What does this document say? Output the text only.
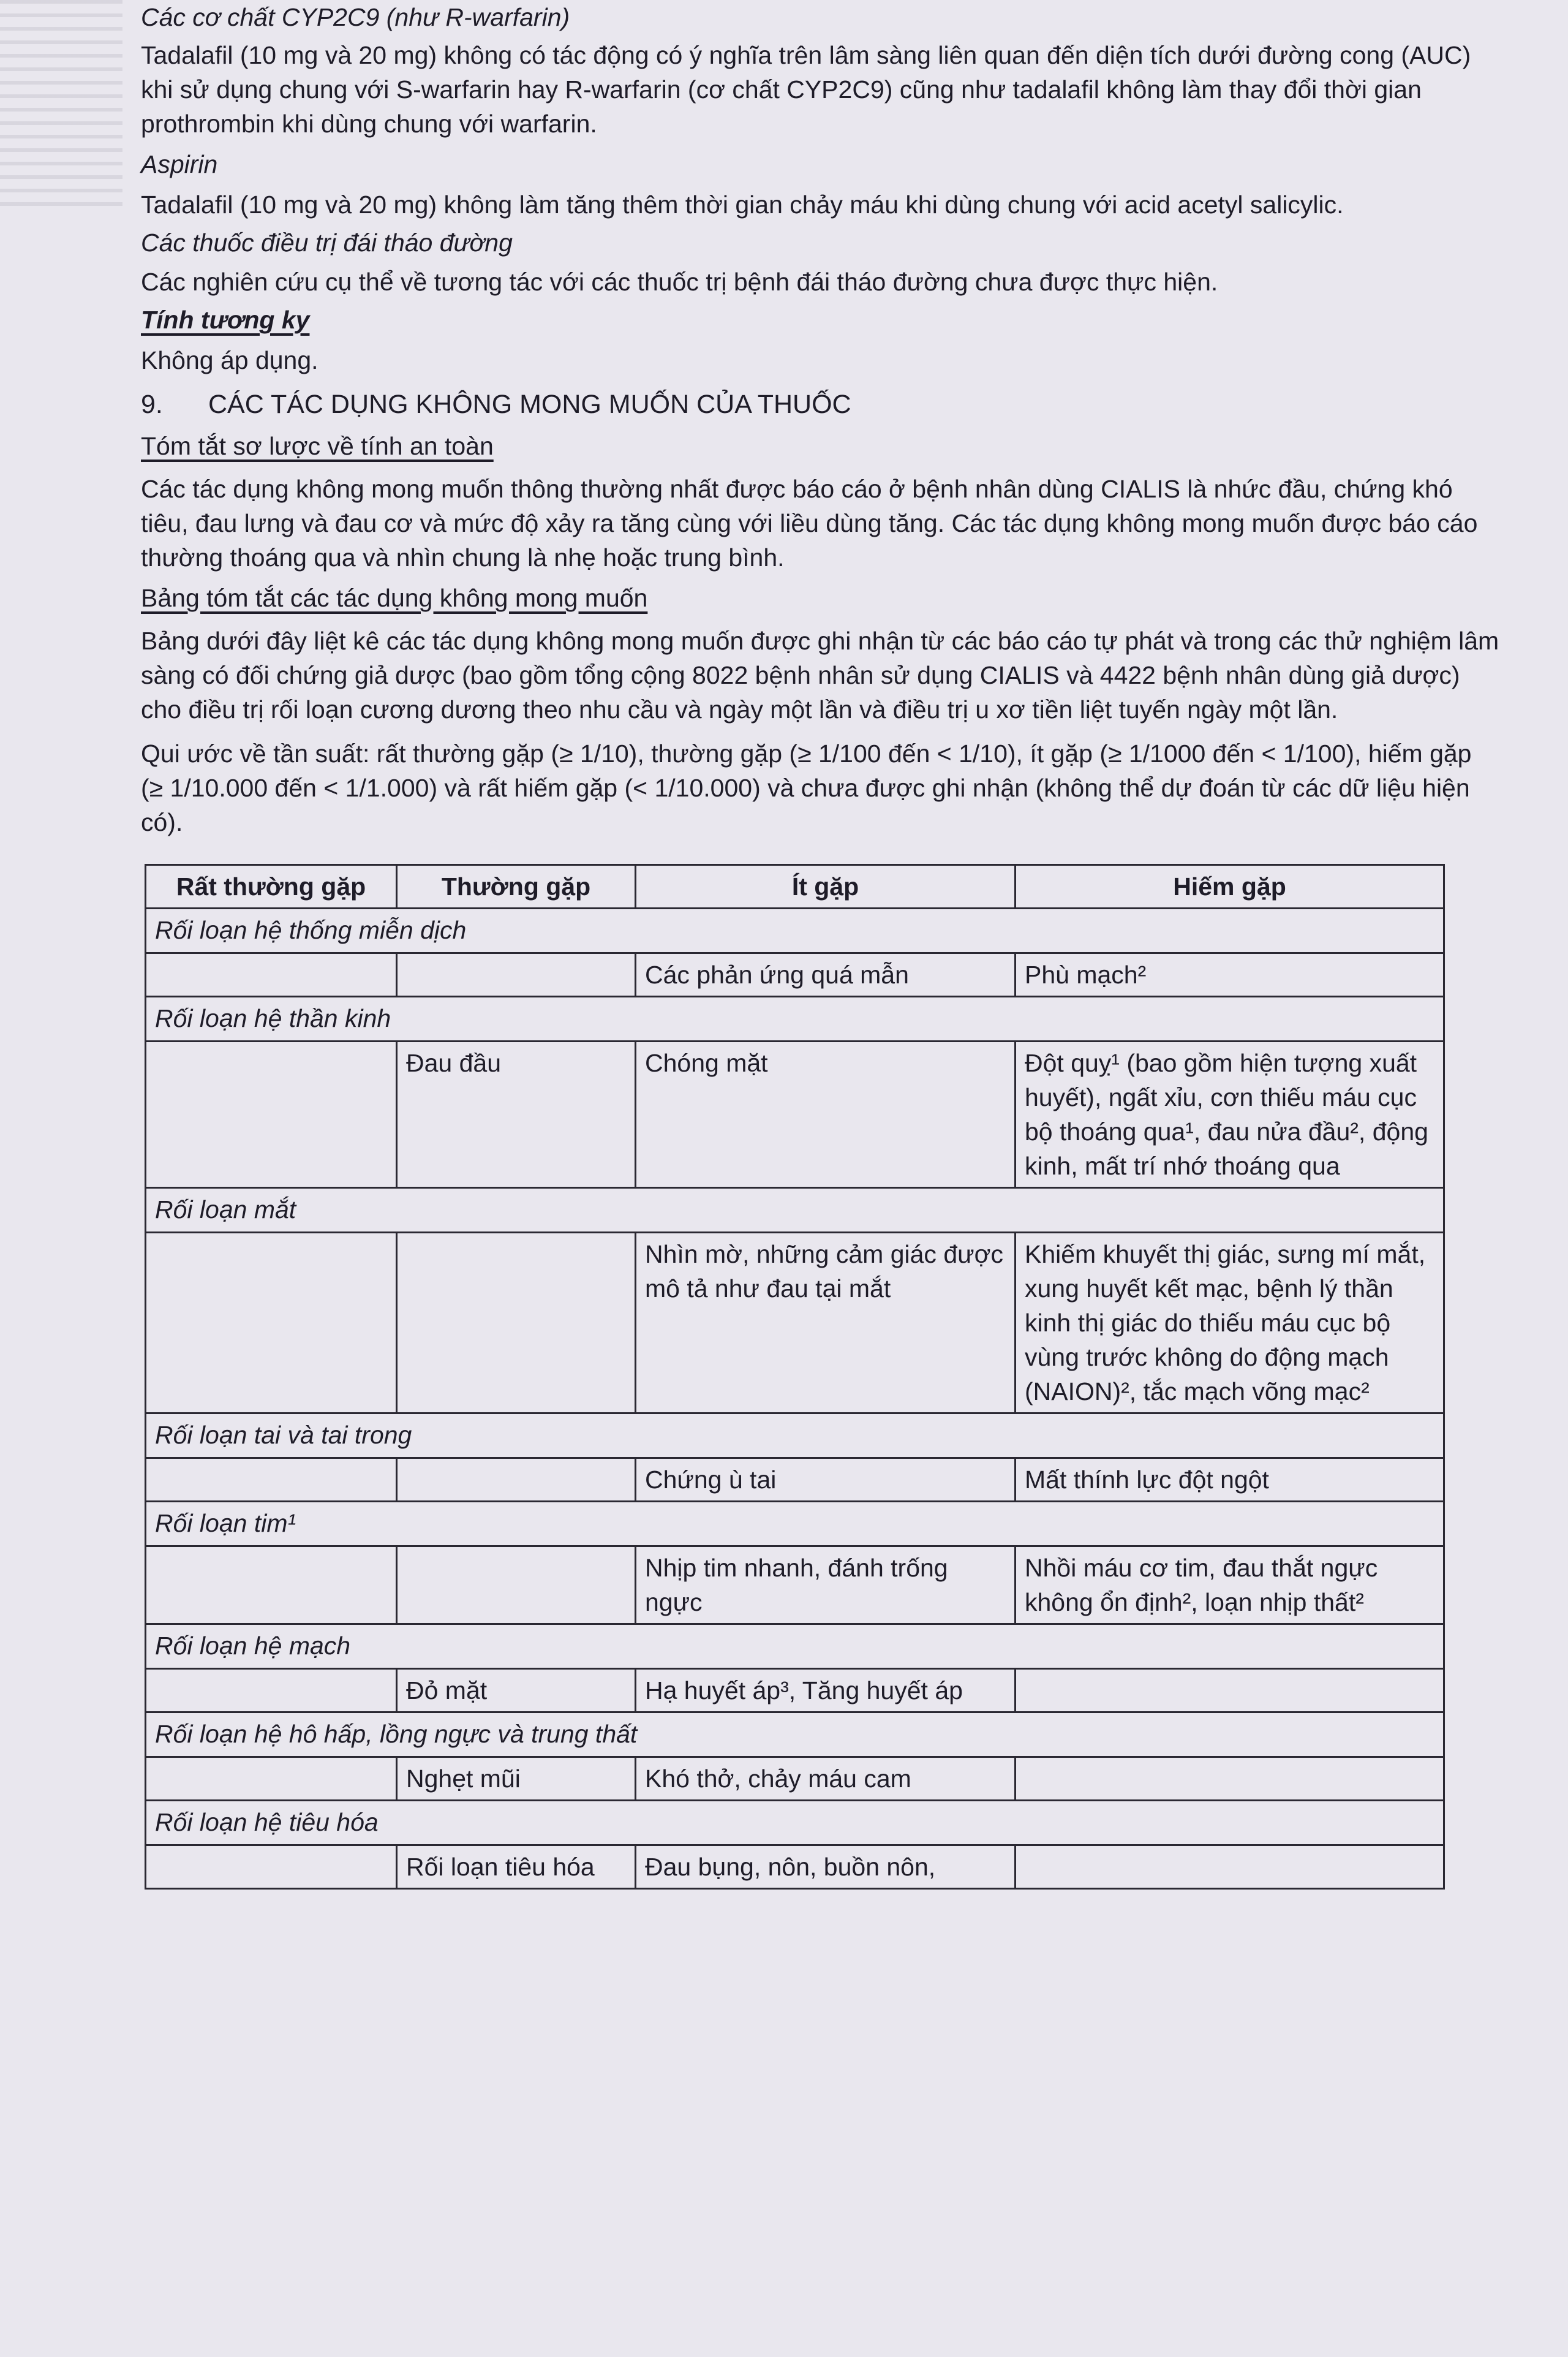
Các cơ chất CYP2C9 (như R-warfarin)

Tadalafil (10 mg và 20 mg) không có tác động có ý nghĩa trên lâm sàng liên quan đến diện tích dưới đường cong (AUC) khi sử dụng chung với S-warfarin hay R-warfarin (cơ chất CYP2C9) cũng như tadalafil không làm thay đổi thời gian prothrombin khi dùng chung với warfarin.

Aspirin

Tadalafil (10 mg và 20 mg) không làm tăng thêm thời gian chảy máu khi dùng chung với acid acetyl salicylic.

Các thuốc điều trị đái tháo đường

Các nghiên cứu cụ thể về tương tác với các thuốc trị bệnh đái tháo đường chưa được thực hiện.

Tính tương ky

Không áp dụng.

9. CÁC TÁC DỤNG KHÔNG MONG MUỐN CỦA THUỐC

Tóm tắt sơ lược về tính an toàn

Các tác dụng không mong muốn thông thường nhất được báo cáo ở bệnh nhân dùng CIALIS là nhức đầu, chứng khó tiêu, đau lưng và đau cơ và mức độ xảy ra tăng cùng với liều dùng tăng. Các tác dụng không mong muốn được báo cáo thường thoáng qua và nhìn chung là nhẹ hoặc trung bình.

Bảng tóm tắt các tác dụng không mong muốn

Bảng dưới đây liệt kê các tác dụng không mong muốn được ghi nhận từ các báo cáo tự phát và trong các thử nghiệm lâm sàng có đối chứng giả dược (bao gồm tổng cộng 8022 bệnh nhân sử dụng CIALIS và 4422 bệnh nhân dùng giả dược) cho điều trị rối loạn cương dương theo nhu cầu và ngày một lần và điều trị u xơ tiền liệt tuyến ngày một lần.

Qui ước về tần suất: rất thường gặp (≥ 1/10), thường gặp (≥ 1/100 đến < 1/10), ít gặp (≥ 1/1000 đến < 1/100), hiếm gặp (≥ 1/10.000 đến < 1/1.000) và rất hiếm gặp (< 1/10.000) và chưa được ghi nhận (không thể dự đoán từ các dữ liệu hiện có).

Rất thường gặp	Thường gặp	Ít gặp	Hiếm gặp
Rối loạn hệ thống miễn dịch			
		Các phản ứng quá mẫn	Phù mạch²
Rối loạn hệ thần kinh			
	Đau đầu	Chóng mặt	Đột quỵ¹ (bao gồm hiện tượng xuất huyết), ngất xỉu, cơn thiếu máu cục bộ thoáng qua¹, đau nửa đầu², động kinh, mất trí nhớ thoáng qua
Rối loạn mắt			
		Nhìn mờ, những cảm giác được mô tả như đau tại mắt	Khiếm khuyết thị giác, sưng mí mắt, xung huyết kết mạc, bệnh lý thần kinh thị giác do thiếu máu cục bộ vùng trước không do động mạch (NAION)², tắc mạch võng mạc²
Rối loạn tai và tai trong			
		Chứng ù tai	Mất thính lực đột ngột
Rối loạn tim¹			
		Nhịp tim nhanh, đánh trống ngực	Nhồi máu cơ tim, đau thắt ngực không ổn định², loạn nhịp thất²
Rối loạn hệ mạch			
	Đỏ mặt	Hạ huyết áp³, Tăng huyết áp	
Rối loạn hệ hô hấp, lồng ngực và trung thất			
	Nghẹt mũi	Khó thở, chảy máu cam	
Rối loạn hệ tiêu hóa			
	Rối loạn tiêu hóa	Đau bụng, nôn, buồn nôn,	
